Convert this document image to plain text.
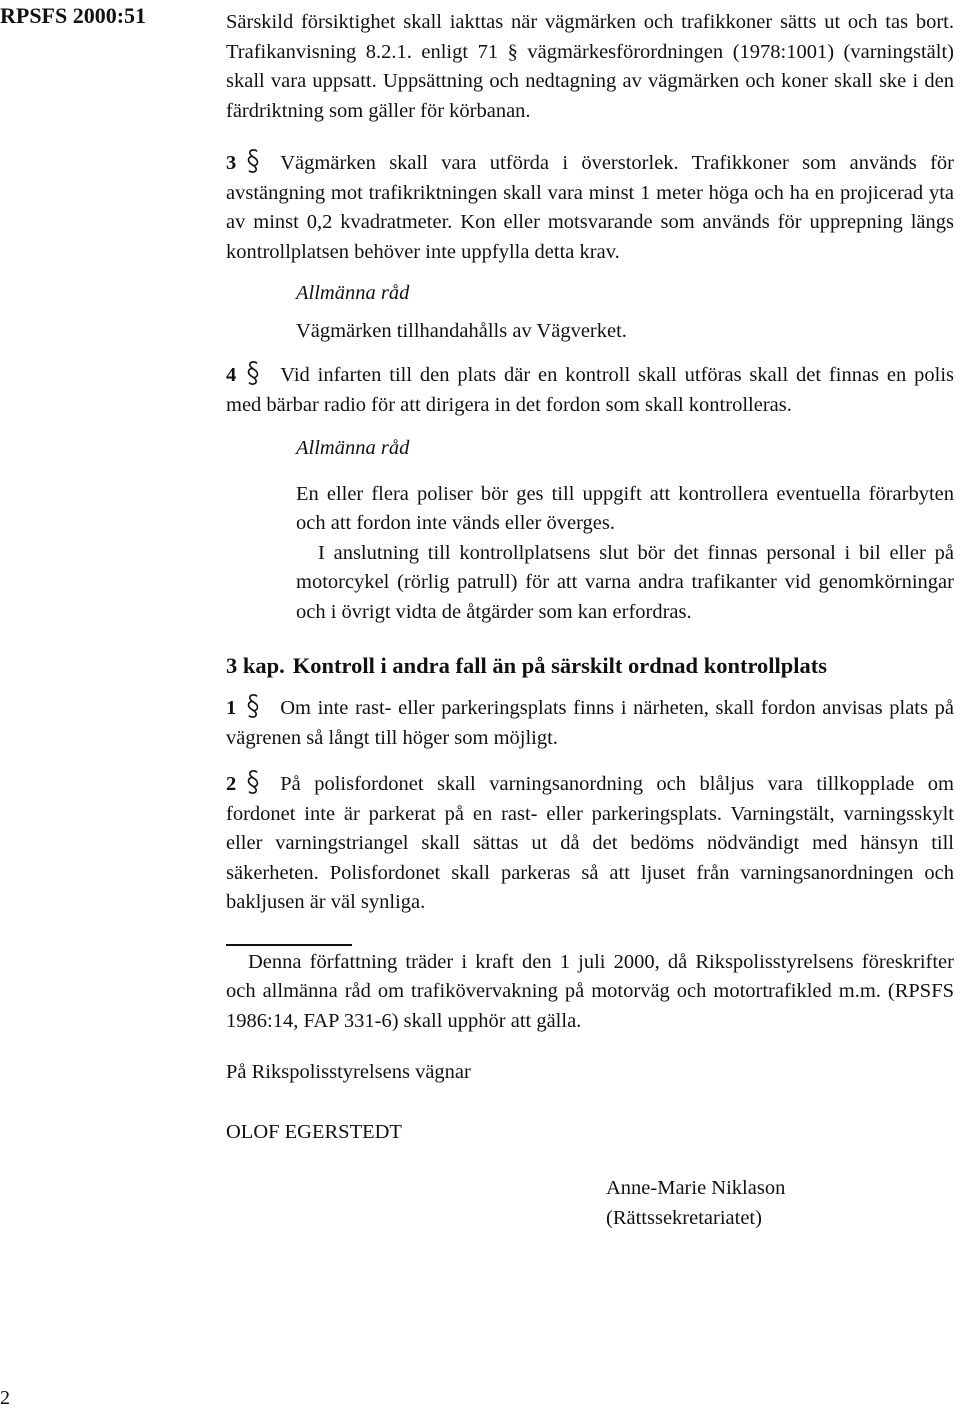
RPSFS 2000:51	Särskild försiktighet skall iakttas när vägmärken och trafikkoner sätts ut och tas bort. Trafikanvisning 8.2.1. enligt 71 § vägmärkesförordningen (1978:1001) (varningstält) skall vara uppsatt. Uppsättning och nedtagning av vägmärken och koner skall ske i den färdriktning som gäller för körbanan.

3 Vägmärken skall vara utförda i överstorlek. Trafikkoner som används för avstängning mot trafikriktningen skall vara minst 1 meter höga och ha en projicerad yta av minst 0,2 kvadratmeter. Kon eller motsvarande som används för upprepning längs kontrollplatsen behöver inte uppfylla detta krav.

Allmänna råd

Vägmärken tillhandahålls av Vägverket.

4 Vid infarten till den plats där en kontroll skall utföras skall det finnas en polis med bärbar radio för att dirigera in det fordon som skall kontrolleras.

Allmänna råd

En eller flera poliser bör ges till uppgift att kontrollera eventuella förarbyten och att fordon inte vänds eller överges.

I anslutning till kontrollplatsens slut bör det finnas personal i bil eller på motorcykel (rörlig patrull) för att varna andra trafikanter vid genomkörningar och i övrigt vidta de åtgärder som kan erfordras.

3 kap. Kontroll i andra fall än på särskilt ordnad kontrollplats

1 Om inte rast- eller parkeringsplats finns i närheten, skall fordon anvisas plats på vägrenen så långt till höger som möjligt.

2 På polisfordonet skall varningsanordning och blåljus vara tillkopplade om fordonet inte är parkerat på en rast- eller parkeringsplats. Varningstält, varningsskylt eller varningstriangel skall sättas ut då det bedöms nödvändigt med hänsyn till säkerheten. Polisfordonet skall parkeras så att ljuset från varningsanordningen och bakljusen är väl synliga.

Denna författning träder i kraft den 1 juli 2000, då Rikspolisstyrelsens föreskrifter och allmänna råd om trafikövervakning på motorväg och motortrafikled m.m. (RPSFS 1986:14, FAP 331-6) skall upphör att gälla.

På Rikspolisstyrelsens vägnar

OLOF EGERSTEDT

Anne-Marie Niklason

(Rättssekretariatet)

2
